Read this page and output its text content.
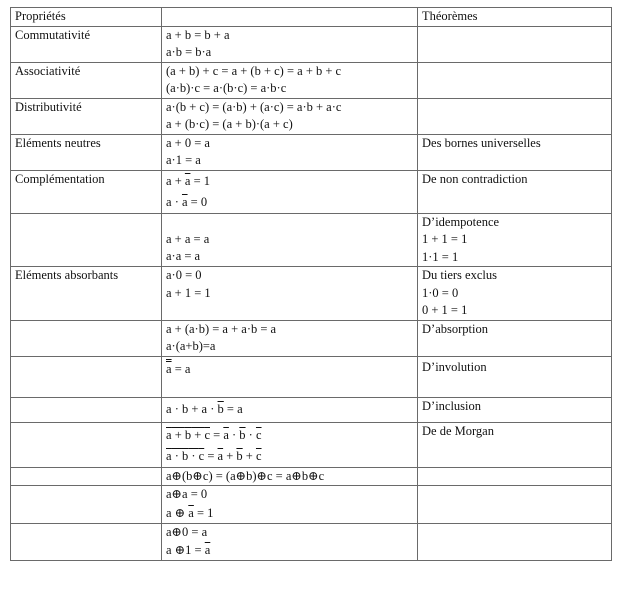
Propriétés		Théorèmes
Commutativité	a + b = b + a
a·b = b·a	

Associativité	(a + b) + c = a + (b + c) = a + b + c
(a·b)·c = a·(b·c) = a·b·c	

Distributivité	a·(b + c) = (a·b) + (a·c) = a·b + a·c
a + (b·c) = (a + b)·(a + c)	

Eléments neutres	a + 0 = a
a·1 = a	Des bornes universelles

Complémentation	$a + \overline{a} = 1$
$a \cdot \overline{a} = 0$	De non contradiction

	a + a = a
a·a = a	D’idempotence
1 + 1 = 1
1·1 = 1

Eléments absorbants	a·0 = 0
a + 1 = 1	Du tiers exclus
1·0 = 0
0 + 1 = 1

	a + (a·b) = a + a·b = a
a·(a+b)=a	D’absorption

	a = a	D’involution

	$a \cdot b + a \cdot \overline{b} = a$	D’inclusion

	$a + b + c = \overline{a} \cdot \overline{b} \cdot \overline{c}$
$a \cdot b \cdot c = \overline{a} + \overline{b} + \overline{c}$	De de Morgan

	a⊕(b⊕c) = (a⊕b)⊕c = a⊕b⊕c	

	a⊕a = 0
a ⊕ $\overline{a} = 1$	

	a⊕0 = a
a ⊕1 = $\overline{a}$
